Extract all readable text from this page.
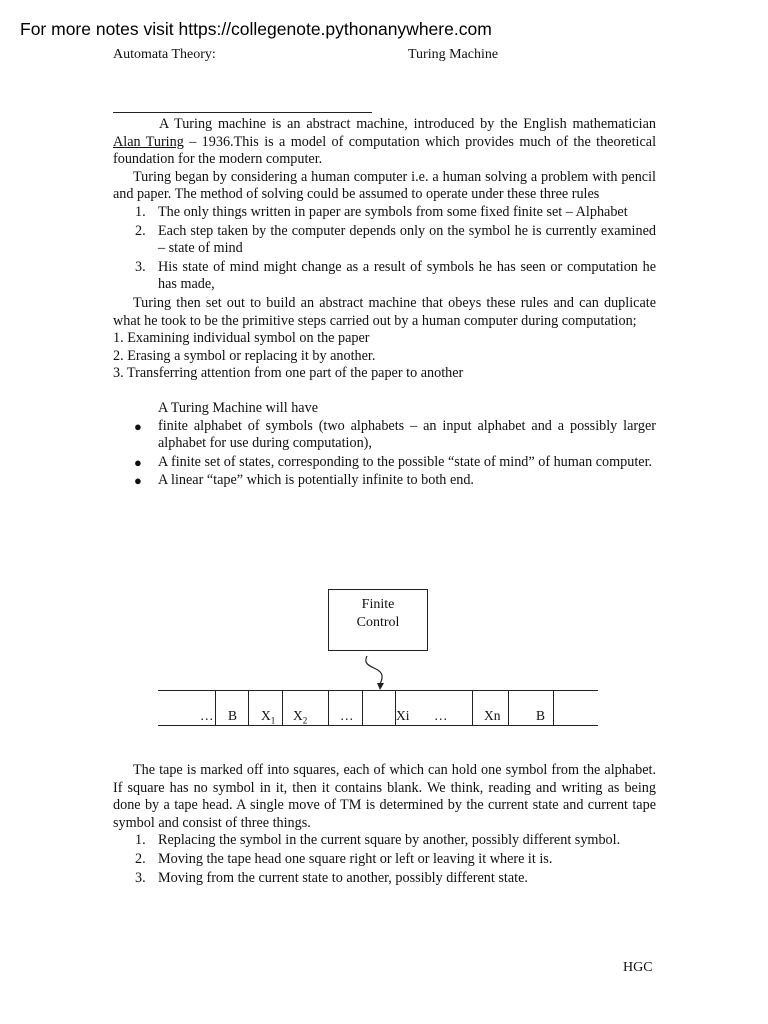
For more notes visit https://collegenote.pythonanywhere.com
Automata Theory:	Turing Machine

A Turing machine is an abstract machine, introduced by the English mathematician Alan Turing – 1936.This is a model of computation which provides much of the theoretical foundation for the modern computer.

Turing began by considering a human computer i.e. a human solving a problem with pencil and paper. The method of solving could be assumed to operate under these three rules

1. The only things written in paper are symbols from some fixed finite set – Alphabet
2. Each step taken by the computer depends only on the symbol he is currently examined – state of mind
3. His state of mind might change as a result of symbols he has seen or computation he has made,

Turing then set out to build an abstract machine that obeys these rules and can duplicate what he took to be the primitive steps carried out by a human computer during computation;

1. Examining individual symbol on the paper

2. Erasing a symbol or replacing it by another.

3. Transferring attention from one part of the paper to another

A Turing Machine will have

● finite alphabet of symbols (two alphabets – an input alphabet and a possibly larger alphabet for use during computation),
● A finite set of states, corresponding to the possible “state of mind” of human computer.
● A linear “tape” which is potentially infinite to both end.
Finite
Control
… B $X_1$ $X_2$ …	Xi …	Xn	B

The tape is marked off into squares, each of which can hold one symbol from the alphabet. If square has no symbol in it, then it contains blank. We think, reading and writing as being done by a tape head. A single move of TM is determined by the current state and current tape symbol and consist of three things.

1. Replacing the symbol in the current square by another, possibly different symbol.
2. Moving the tape head one square right or left or leaving it where it is.
3. Moving from the current state to another, possibly different state.
HGC
